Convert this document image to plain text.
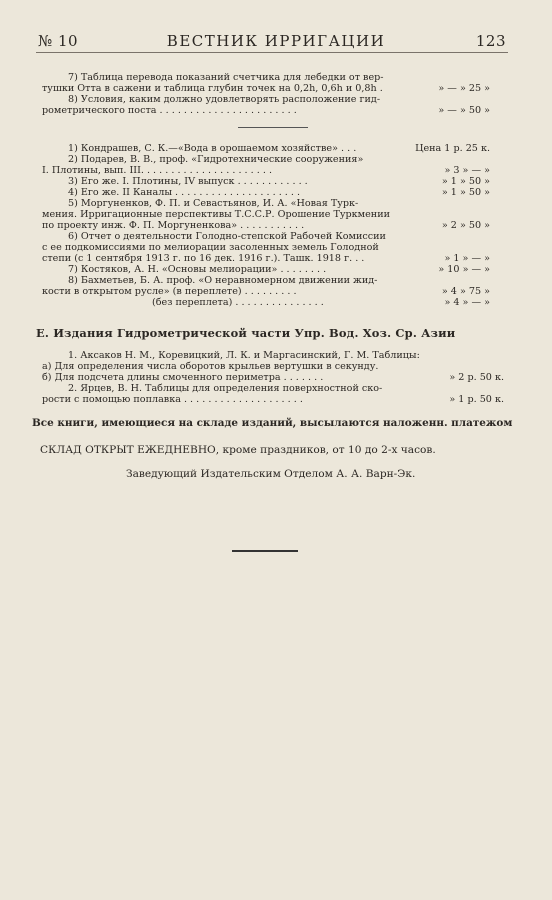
№ 10	ВЕСТНИК ИРРИГАЦИИ	123
7) Таблица перевода показаний счетчика для лебедки от вер-
тушки Отта в сажени и таблица глубин точек на 0,2h, 0,6h и 0,8h .	» — » 25 »
8) Условия, каким должно удовлетворять расположение гид-
рометрического поста . . . . . . . . . . . . . . . . . . . . . . .	» — » 50 »
1) Кондрашев, С. К.—«Вода в орошаемом хозяйстве» . . .	Цена 1 р. 25 к.
2) Подарев, В. В., проф. «Гидротехнические сооружения»
I. Плотины, вып. III. . . . . . . . . . . . . . . . . . . . . .	» 3 » — »
3) Его же. I. Плотины, IV выпуск . . . . . . . . . . . .	» 1 » 50 »
4) Его же. II Каналы . . . . . . . . . . . . . . . . . . . . .	» 1 » 50 »
5) Моргуненков, Ф. П. и Севастьянов, И. А. «Новая Турк-
мения. Ирригационные перспективы Т.С.С.Р. Орошение Туркмении
по проекту инж. Ф. П. Моргуненкова» . . . . . . . . . . .	» 2 » 50 »
6) Отчет о деятельности Голодно-степской Рабочей Комиссии
с ее подкомиссиями по мелиорации засоленных земель Голодной
степи (с 1 сентября 1913 г. по 16 дек. 1916 г.). Ташк. 1918 г. . .	» 1 » — »
7) Костяков, А. Н. «Основы мелиорации» . . . . . . . .	» 10 » — »
8) Бахметьев, Б. А. проф. «О неравномерном движении жид-
кости в открытом русле» (в переплете) . . . . . . . . .	» 4 » 75 »
(без переплета) . . . . . . . . . . . . . . .	» 4 » — »
Е. Издания Гидрометрической части Упр. Вод. Хоз. Ср. Азии
1. Аксаков Н. М., Коревицкий, Л. К. и Маргасинский, Г. М. Таблицы:
а) Для определения числа оборотов крыльев вертушки в секунду.
б) Для подсчета длины смоченного периметра . . . . . . .	» 2 р. 50 к.
2. Ярцев, В. Н. Таблицы для определения поверхностной ско-
рости с помощью поплавка . . . . . . . . . . . . . . . . . . . .	» 1 р. 50 к.
Все книги, имеющиеся на складе изданий, высылаются наложенн. платежом
СКЛАД ОТКРЫТ ЕЖЕДНЕВНО, кроме праздников, от 10 до 2-х часов.
Заведующий Издательским Отделом А. А. Варн-Эк.
